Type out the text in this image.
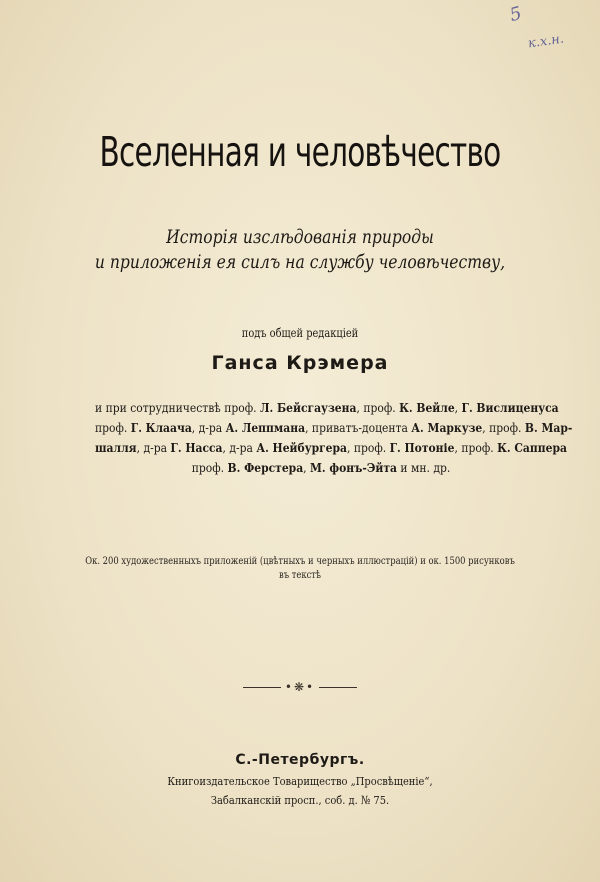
5
к.х.н.
Вселенная и человѣчество
Исторія изслѣдованія природы
и приложенія ея силъ на службу человѣчеству,
подъ общей редакціей
Ганса Крэмера
и при сотрудничествѣ проф. Л. Бейсгаузена, проф. К. Вейле, Г. Вислиценуса
проф. Г. Клаача, д-ра А. Леппмана, приватъ-доцента А. Маркузе, проф. В. Мар-
шалля, д-ра Г. Насса, д-ра А. Нейбургера, проф. Г. Потоніе, проф. К. Саппера
проф. В. Ферстера, М. фонъ-Эйта и мн. др.
Ок. 200 художественныхъ приложеній (цвѣтныхъ и черныхъ иллюстрацій) и ок. 1500 рисунковъ
въ текстѣ
•❋•
С.-Петербургъ.
Книгоиздательское Товарищество „Просвѣщеніе“,
Забалканскій просп., соб. д. № 75.
